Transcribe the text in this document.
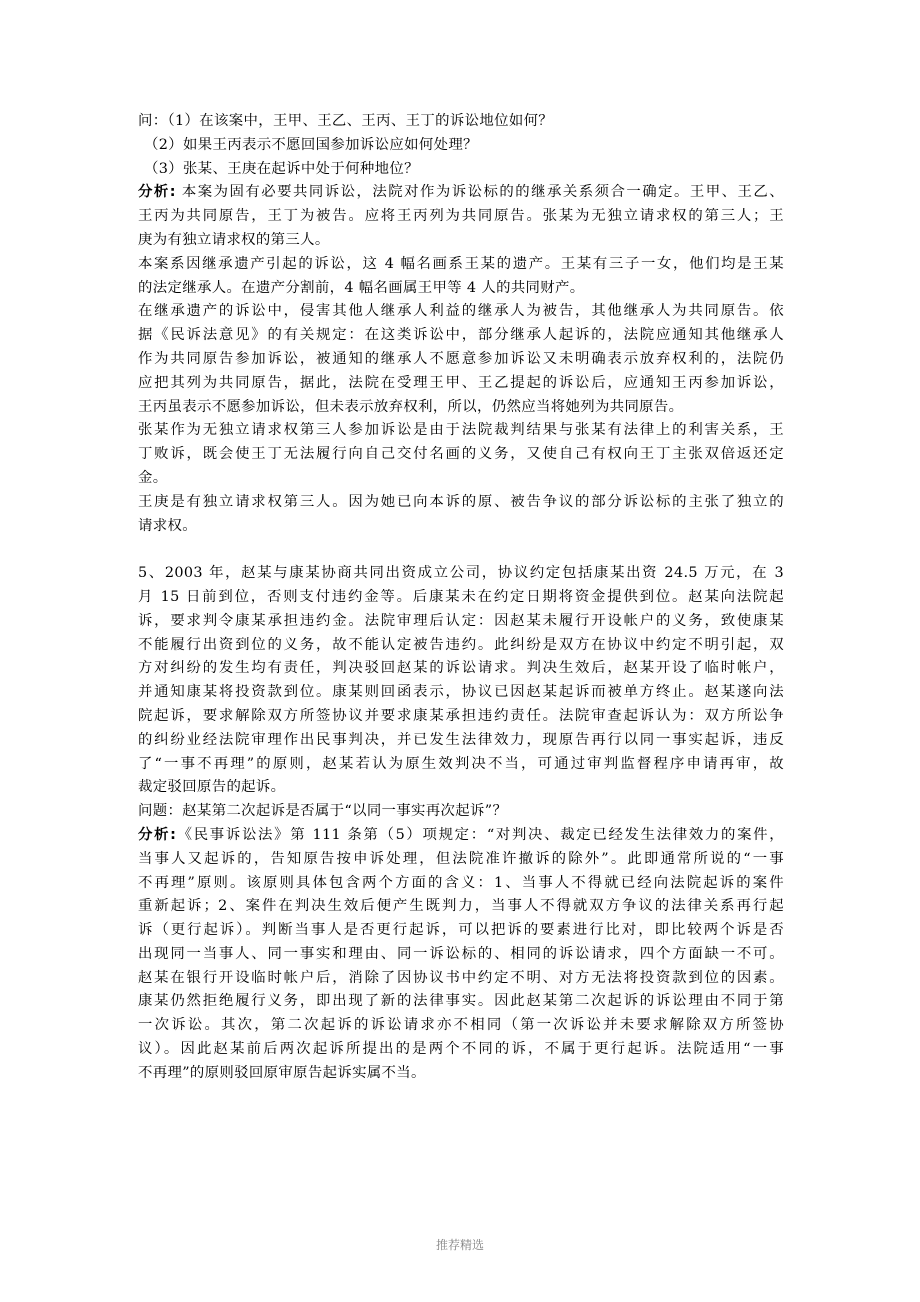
问：（1）在该案中，王甲、王乙、王丙、王丁的诉讼地位如何？
（2）如果王丙表示不愿回国参加诉讼应如何处理？
（3）张某、王庚在起诉中处于何种地位？
分析: 本案为固有必要共同诉讼，法院对作为诉讼标的的继承关系须合一确定。王甲、王乙、
王丙为共同原告，王丁为被告。应将王丙列为共同原告。张某为无独立请求权的第三人；王
庚为有独立请求权的第三人。
本案系因继承遗产引起的诉讼，这 4 幅名画系王某的遗产。王某有三子一女，他们均是王某
的法定继承人。在遗产分割前，4 幅名画属王甲等 4 人的共同财产。
在继承遗产的诉讼中，侵害其他人继承人利益的继承人为被告，其他继承人为共同原告。依
据《民诉法意见》的有关规定：在这类诉讼中，部分继承人起诉的，法院应通知其他继承人
作为共同原告参加诉讼，被通知的继承人不愿意参加诉讼又未明确表示放弃权利的，法院仍
应把其列为共同原告，据此，法院在受理王甲、王乙提起的诉讼后，应通知王丙参加诉讼，
王丙虽表示不愿参加诉讼，但未表示放弃权利，所以，仍然应当将她列为共同原告。
张某作为无独立请求权第三人参加诉讼是由于法院裁判结果与张某有法律上的利害关系，王
丁败诉，既会使王丁无法履行向自己交付名画的义务，又使自己有权向王丁主张双倍返还定
金。
王庚是有独立请求权第三人。因为她已向本诉的原、被告争议的部分诉讼标的主张了独立的
请求权。
5、2003 年，赵某与康某协商共同出资成立公司，协议约定包括康某出资 24.5 万元，在 3
月 15 日前到位，否则支付违约金等。后康某未在约定日期将资金提供到位。赵某向法院起
诉，要求判令康某承担违约金。法院审理后认定：因赵某未履行开设帐户的义务，致使康某
不能履行出资到位的义务，故不能认定被告违约。此纠纷是双方在协议中约定不明引起，双
方对纠纷的发生均有责任，判决驳回赵某的诉讼请求。判决生效后，赵某开设了临时帐户，
并通知康某将投资款到位。康某则回函表示，协议已因赵某起诉而被单方终止。赵某遂向法
院起诉，要求解除双方所签协议并要求康某承担违约责任。法院审查起诉认为：双方所讼争
的纠纷业经法院审理作出民事判决，并已发生法律效力，现原告再行以同一事实起诉，违反
了“一事不再理”的原则，赵某若认为原生效判决不当，可通过审判监督程序申请再审，故
裁定驳回原告的起诉。
问题：赵某第二次起诉是否属于“以同一事实再次起诉”？
分析:《民事诉讼法》第 111 条第（5）项规定：“对判决、裁定已经发生法律效力的案件，
当事人又起诉的，告知原告按申诉处理，但法院准许撤诉的除外”。此即通常所说的“一事
不再理”原则。该原则具体包含两个方面的含义：1、当事人不得就已经向法院起诉的案件
重新起诉；2、案件在判决生效后便产生既判力，当事人不得就双方争议的法律关系再行起
诉（更行起诉）。判断当事人是否更行起诉，可以把诉的要素进行比对，即比较两个诉是否
出现同一当事人、同一事实和理由、同一诉讼标的、相同的诉讼请求，四个方面缺一不可。
赵某在银行开设临时帐户后，消除了因协议书中约定不明、对方无法将投资款到位的因素。
康某仍然拒绝履行义务，即出现了新的法律事实。因此赵某第二次起诉的诉讼理由不同于第
一次诉讼。其次，第二次起诉的诉讼请求亦不相同（第一次诉讼并未要求解除双方所签协
议）。因此赵某前后两次起诉所提出的是两个不同的诉，不属于更行起诉。法院适用“一事
不再理”的原则驳回原审原告起诉实属不当。
推荐精选
